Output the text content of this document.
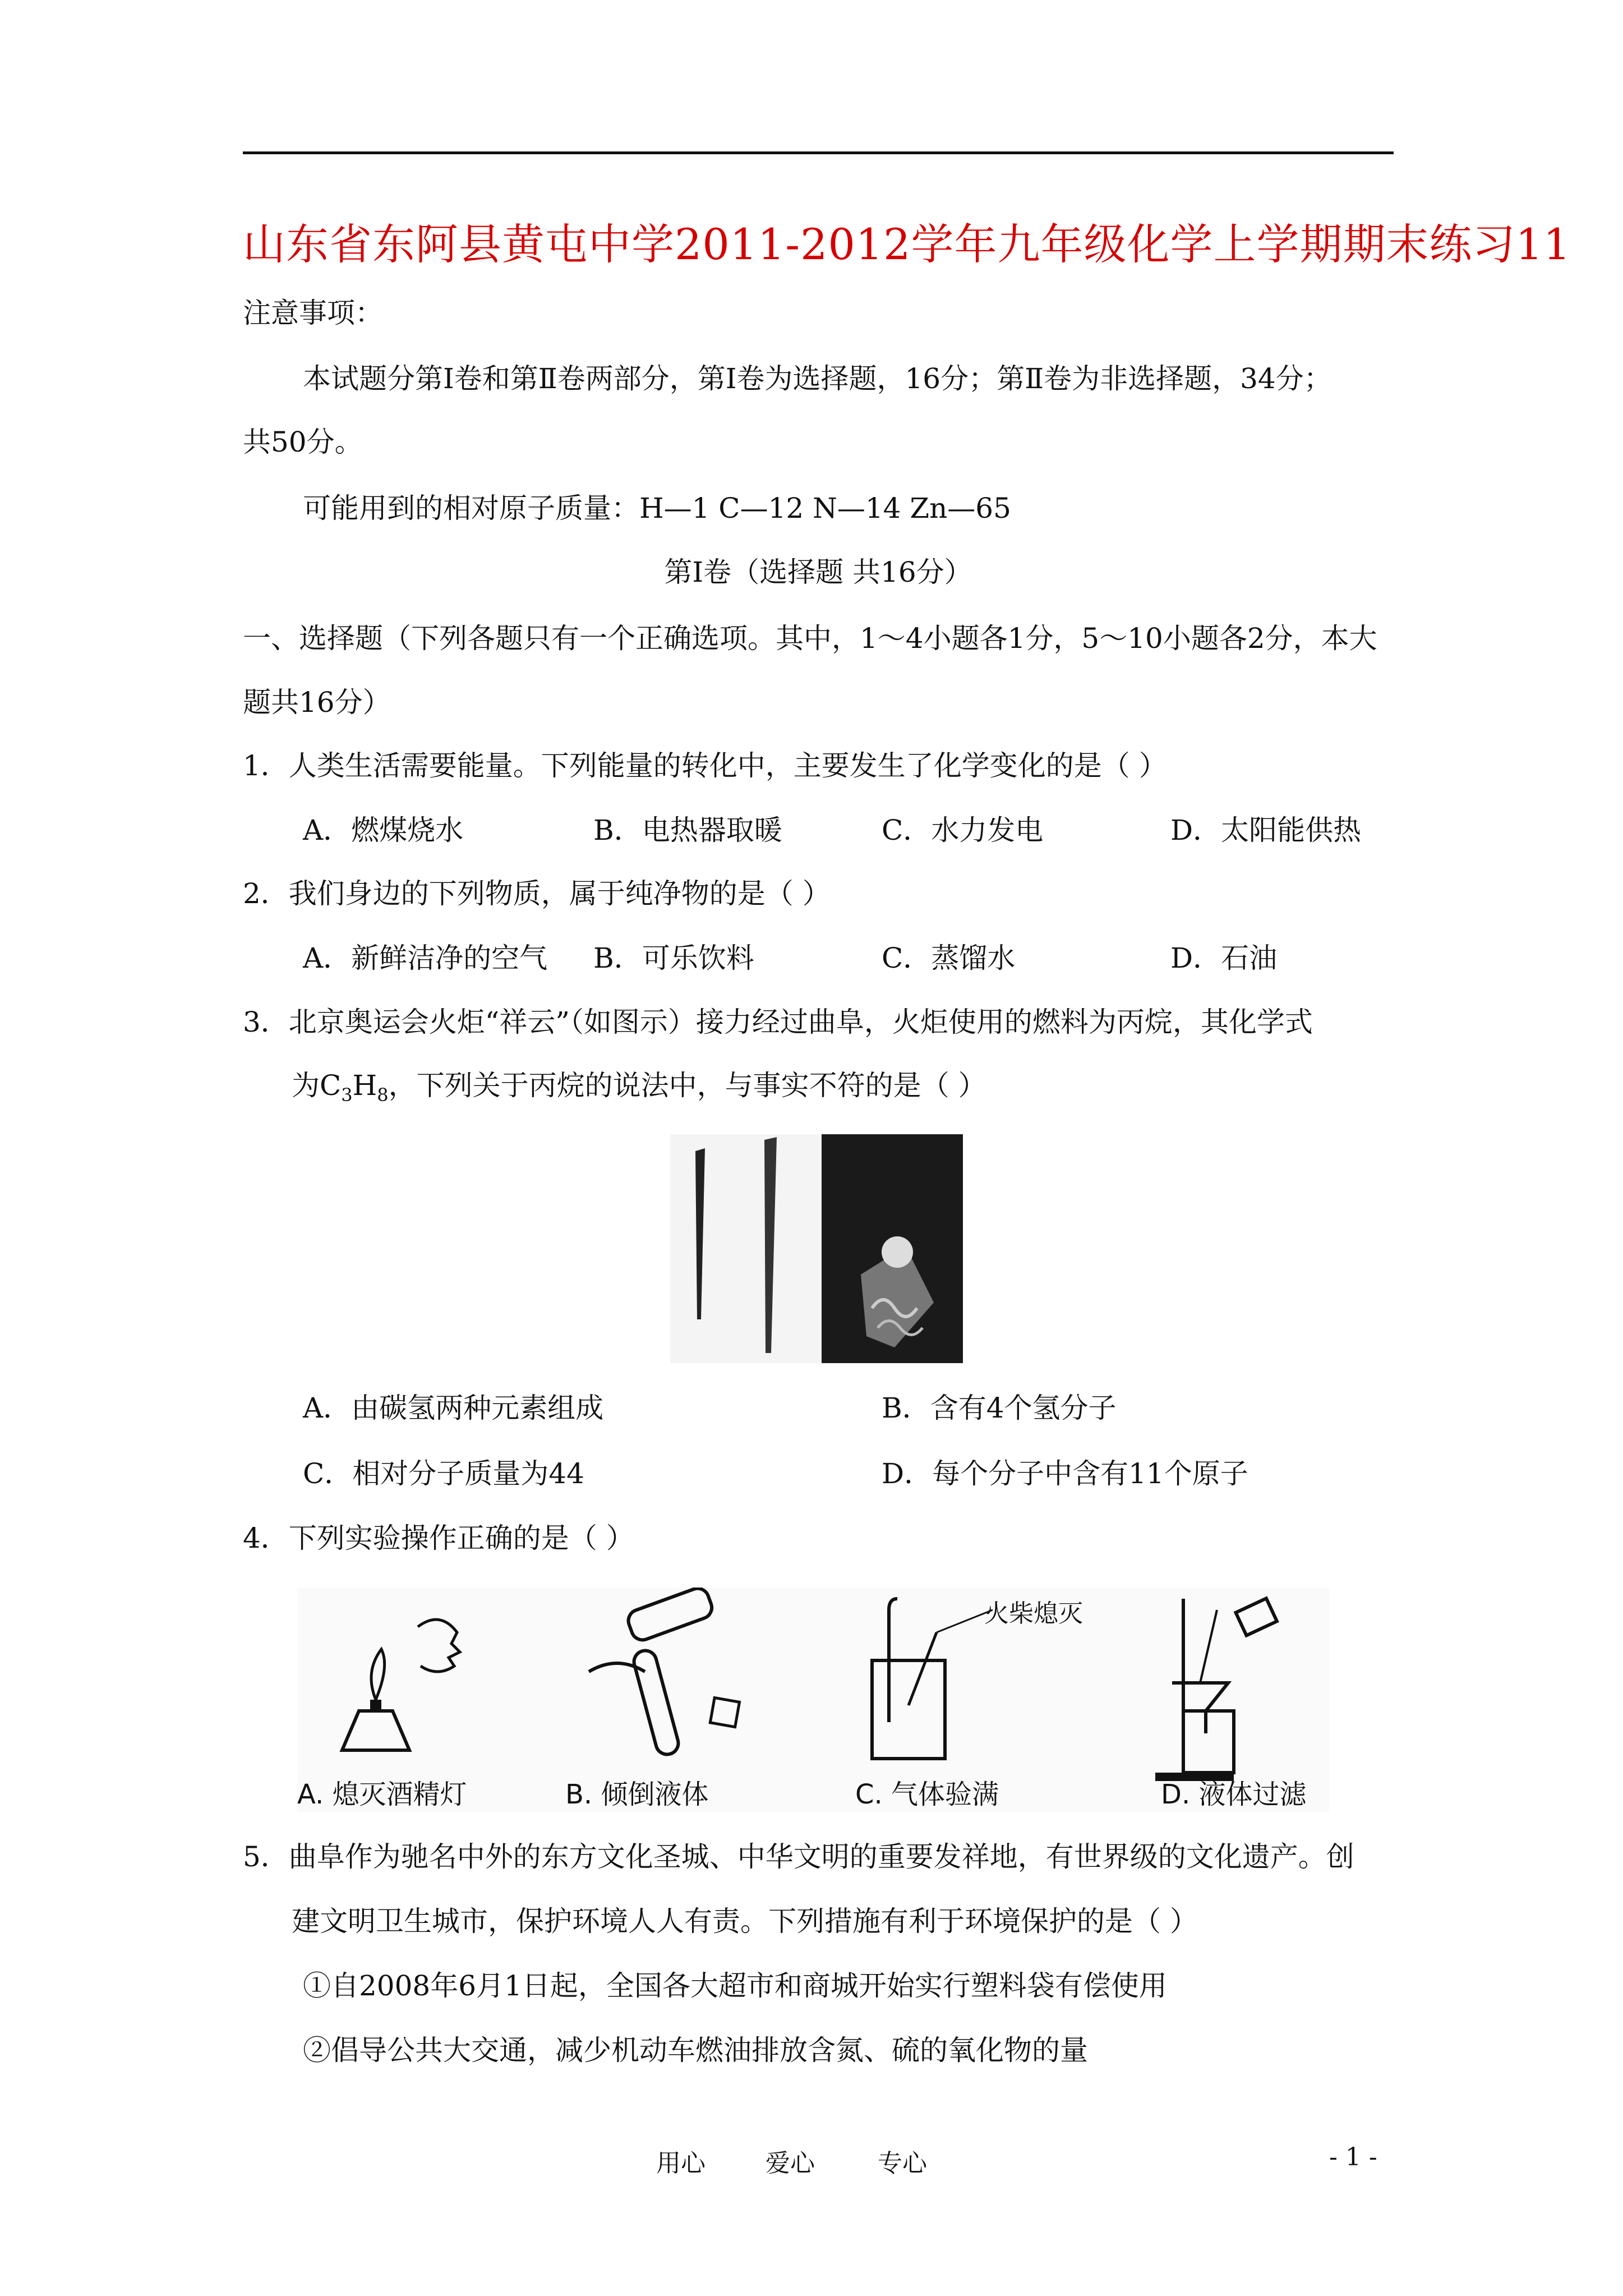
山东省东阿县黄屯中学2011-2012学年九年级化学上学期期末练习11
注意事项：
本试题分第Ⅰ卷和第Ⅱ卷两部分，第Ⅰ卷为选择题，16分；第Ⅱ卷为非选择题，34分；
共50分。
可能用到的相对原子质量：H—1 C—12 N—14 Zn—65
第Ⅰ卷（选择题 共16分）
一、选择题（下列各题只有一个正确选项。其中，1～4小题各1分，5～10小题各2分，本大
题共16分）
1．人类生活需要能量。下列能量的转化中，主要发生了化学变化的是（ ）
A．燃煤烧水	B．电热器取暖	C．水力发电	D．太阳能供热
2．我们身边的下列物质，属于纯净物的是（ ）
A．新鲜洁净的空气 B．可乐饮料	C．蒸馏水	D．石油
3．北京奥运会火炬“祥云”（如图示）接力经过曲阜，火炬使用的燃料为丙烷，其化学式
为$C_3H_8$，下列关于丙烷的说法中，与事实不符的是（ ）
A．由碳氢两种元素组成	B．含有4个氢分子
C．相对分子质量为44	D．每个分子中含有11个原子
4．下列实验操作正确的是（ ）
火柴熄灭
A. 熄灭酒精灯	B. 倾倒液体	C. 气体验满	D. 液体过滤
5．曲阜作为驰名中外的东方文化圣城、中华文明的重要发祥地，有世界级的文化遗产。创
建文明卫生城市，保护环境人人有责。下列措施有利于环境保护的是（ ）
①自2008年6月1日起，全国各大超市和商城开始实行塑料袋有偿使用
②倡导公共大交通，减少机动车燃油排放含氮、硫的氧化物的量
用心 爱心	专心	- 1 -
